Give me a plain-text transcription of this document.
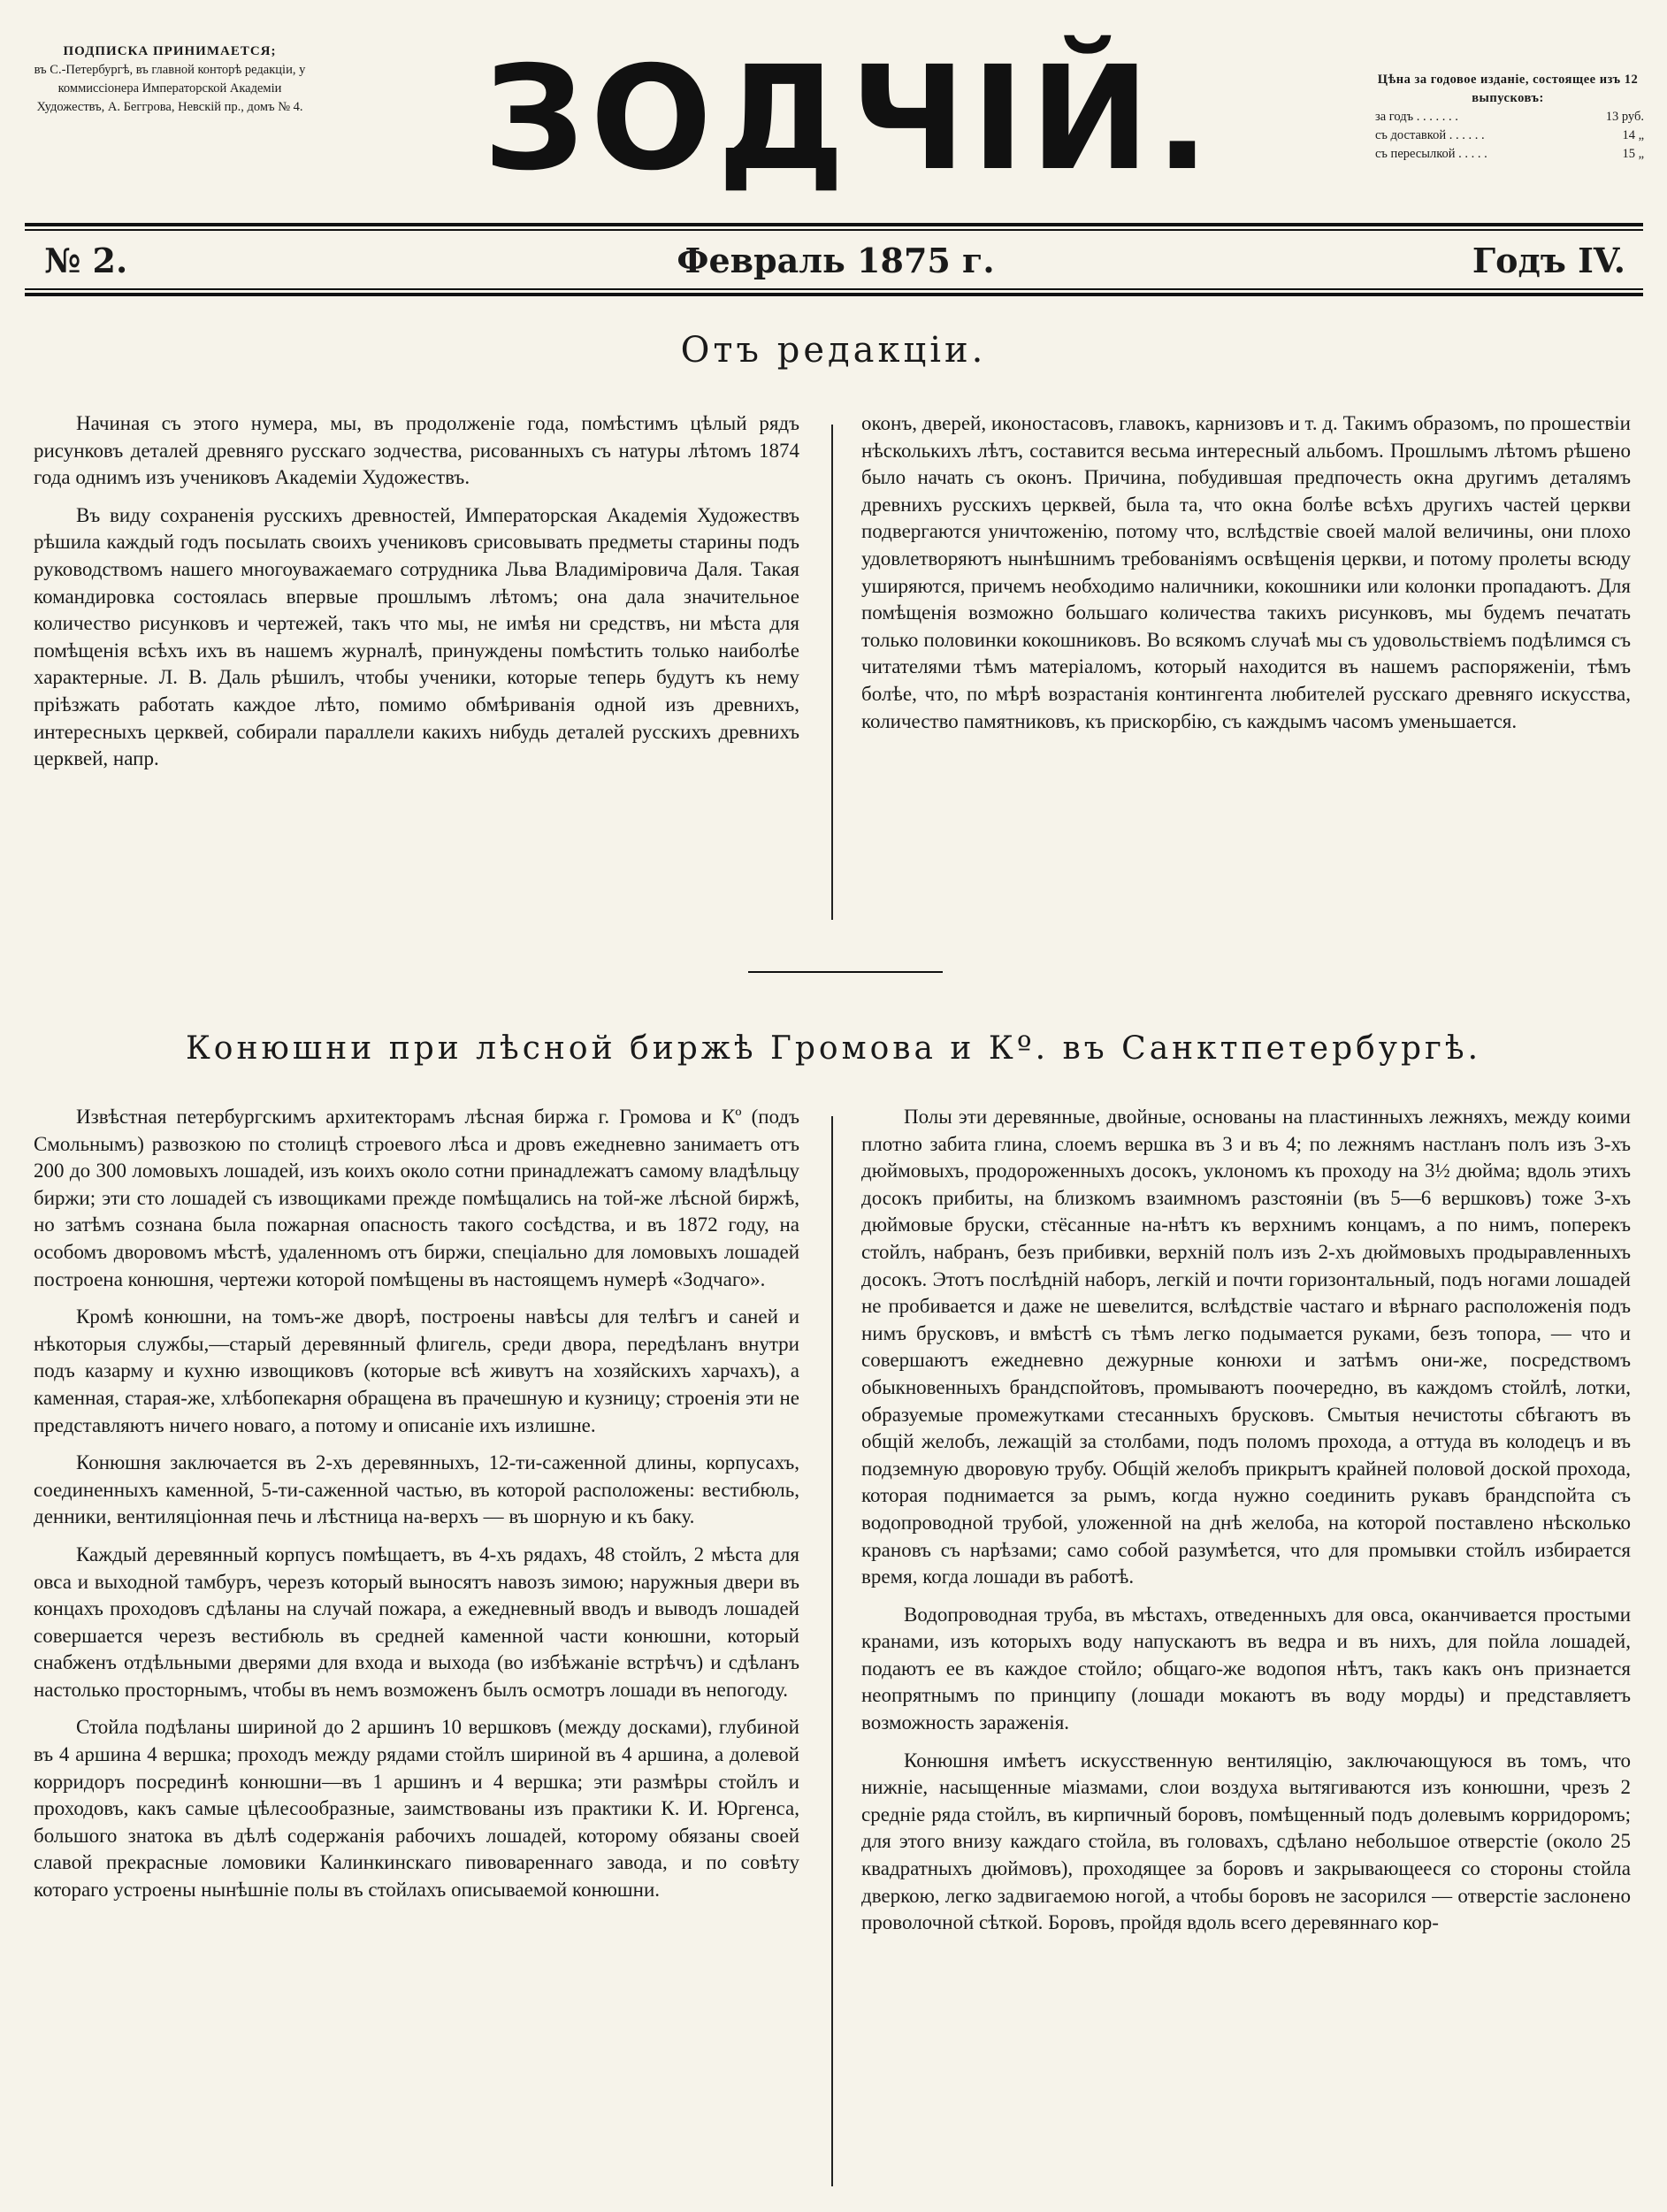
ПОДПИСКА ПРИНИМАЕТСЯ;
въ С.-Петербургѣ, въ главной конторѣ редакціи, у коммиссіонера Императорской Академіи Художествъ, А. Беггрова, Невскій пр., домъ № 4. ЗОДЧІЙ.	Цѣна за годовое изданіе, состоящее изъ 12 выпусковъ:
за годъ . . . . . . .	13 руб.
съ доставкой . . . . . .	14 „
съ пересылкой . . . . .	15 „
№ 2.	Февраль 1875 г.	Годъ IV.
Отъ редакціи.

Начиная съ этого нумера, мы, въ продолженіе года, помѣстимъ цѣлый рядъ рисунковъ деталей древняго русскаго зодчества, рисованныхъ съ натуры лѣтомъ 1874 года однимъ изъ учениковъ Академіи Художествъ.

Въ виду сохраненія русскихъ древностей, Императорская Академія Художествъ рѣшила каждый годъ посылать своихъ учениковъ срисовывать предметы старины подъ руководствомъ нашего многоуважаемаго сотрудника Льва Владиміровича Даля. Такая командировка состоялась впервые прошлымъ лѣтомъ; она дала значительное количество рисунковъ и чертежей, такъ что мы, не имѣя ни средствъ, ни мѣста для помѣщенія всѣхъ ихъ въ нашемъ журналѣ, принуждены помѣстить только наиболѣе характерные. Л. В. Даль рѣшилъ, чтобы ученики, которые теперь будутъ къ нему пріѣзжать работать каждое лѣто, помимо обмѣриванія одной изъ древнихъ, интересныхъ церквей, собирали параллели какихъ нибудь деталей русскихъ древнихъ церквей, напр.

оконъ, дверей, иконостасовъ, главокъ, карнизовъ и т. д. Такимъ образомъ, по прошествіи нѣсколькихъ лѣтъ, составится весьма интересный альбомъ. Прошлымъ лѣтомъ рѣшено было начать съ оконъ. Причина, побудившая предпочесть окна другимъ деталямъ древнихъ русскихъ церквей, была та, что окна болѣе всѣхъ другихъ частей церкви подвергаются уничтоженію, потому что, вслѣдствіе своей малой величины, они плохо удовлетворяютъ нынѣшнимъ требованіямъ освѣщенія церкви, и потому пролеты всюду уширяются, причемъ необходимо наличники, кокошники или колонки пропадаютъ. Для помѣщенія возможно большаго количества такихъ рисунковъ, мы будемъ печатать только половинки кокошниковъ. Во всякомъ случаѣ мы съ удовольствіемъ подѣлимся съ читателями тѣмъ матеріаломъ, который находится въ нашемъ распоряженіи, тѣмъ болѣе, что, по мѣрѣ возрастанія контингента любителей русскаго древняго искусства, количество памятниковъ, къ прискорбію, съ каждымъ часомъ уменьшается.

Конюшни при лѣсной биржѣ Громова и Кº. въ Санктпетербургѣ.

Извѣстная петербургскимъ архитекторамъ лѣсная биржа г. Громова и Кº (подъ Смольнымъ) развозкою по столицѣ строевого лѣса и дровъ ежедневно занимаетъ отъ 200 до 300 ломовыхъ лошадей, изъ коихъ около сотни принадлежатъ самому владѣльцу биржи; эти сто лошадей съ извощиками прежде помѣщались на той-же лѣсной биржѣ, но затѣмъ сознана была пожарная опасность такого сосѣдства, и въ 1872 году, на особомъ дворовомъ мѣстѣ, удаленномъ отъ биржи, спеціально для ломовыхъ лошадей построена конюшня, чертежи которой помѣщены въ настоящемъ нумерѣ «Зодчаго».

Кромѣ конюшни, на томъ-же дворѣ, построены навѣсы для телѣгъ и саней и нѣкоторыя службы,—старый деревянный флигель, среди двора, передѣланъ внутри подъ казарму и кухню извощиковъ (которые всѣ живутъ на хозяйскихъ харчахъ), а каменная, старая-же, хлѣбопекарня обращена въ прачешную и кузницу; строенія эти не представляютъ ничего новаго, а потому и описаніе ихъ излишне.

Конюшня заключается въ 2-хъ деревянныхъ, 12-ти-саженной длины, корпусахъ, соединенныхъ каменной, 5-ти-саженной частью, въ которой расположены: вестибюль, денники, вентиляціонная печь и лѣстница на-верхъ — въ шорную и къ баку.

Каждый деревянный корпусъ помѣщаетъ, въ 4-хъ рядахъ, 48 стойлъ, 2 мѣста для овса и выходной тамбуръ, черезъ который выносятъ навозъ зимою; наружныя двери въ концахъ проходовъ сдѣланы на случай пожара, а ежедневный вводъ и выводъ лошадей совершается черезъ вестибюль въ средней каменной части конюшни, который снабженъ отдѣльными дверями для входа и выхода (во избѣжаніе встрѣчъ) и сдѣланъ настолько просторнымъ, чтобы въ немъ возможенъ былъ осмотръ лошади въ непогоду.

Стойла подѣланы шириной до 2 аршинъ 10 вершковъ (между досками), глубиной въ 4 аршина 4 вершка; проходъ между рядами стойлъ шириной въ 4 аршина, а долевой корридоръ посрединѣ конюшни—въ 1 аршинъ и 4 вершка; эти размѣры стойлъ и проходовъ, какъ самые цѣлесообразные, заимствованы изъ практики К. И. Юргенса, большого знатока въ дѣлѣ содержанія рабочихъ лошадей, которому обязаны своей славой прекрасные ломовики Калинкинскаго пивовареннаго завода, и по совѣту котораго устроены нынѣшніе полы въ стойлахъ описываемой конюшни.

Полы эти деревянные, двойные, основаны на пластинныхъ лежняхъ, между коими плотно забита глина, слоемъ вершка въ 3 и въ 4; по лежнямъ настланъ полъ изъ 3-хъ дюймовыхъ, продороженныхъ досокъ, уклономъ къ проходу на 3½ дюйма; вдоль этихъ досокъ прибиты, на близкомъ взаимномъ разстояніи (въ 5—6 вершковъ) тоже 3-хъ дюймовые бруски, стёсанные на-нѣтъ къ верхнимъ концамъ, а по нимъ, поперекъ стойлъ, набранъ, безъ прибивки, верхній полъ изъ 2-хъ дюймовыхъ продыравленныхъ досокъ. Этотъ послѣдній наборъ, легкій и почти горизонтальный, подъ ногами лошадей не пробивается и даже не шевелится, вслѣдствіе частаго и вѣрнаго расположенія подъ нимъ брусковъ, и вмѣстѣ съ тѣмъ легко подымается руками, безъ топора, — что и совершаютъ ежедневно дежурные конюхи и затѣмъ они-же, посредствомъ обыкновенныхъ брандспойтовъ, промываютъ поочередно, въ каждомъ стойлѣ, лотки, образуемые промежутками стесанныхъ брусковъ. Смытыя нечистоты сбѣгаютъ въ общій желобъ, лежащій за столбами, подъ поломъ прохода, а оттуда въ колодецъ и въ подземную дворовую трубу. Общій желобъ прикрытъ крайней половой доской прохода, которая поднимается за рымъ, когда нужно соединить рукавъ брандспойта съ водопроводной трубой, уложенной на днѣ желоба, на которой поставлено нѣсколько крановъ съ нарѣзами; само собой разумѣется, что для промывки стойлъ избирается время, когда лошади въ работѣ.

Водопроводная труба, въ мѣстахъ, отведенныхъ для овса, оканчивается простыми кранами, изъ которыхъ воду напускаютъ въ ведра и въ нихъ, для пойла лошадей, подаютъ ее въ каждое стойло; общаго-же водопоя нѣтъ, такъ какъ онъ признается неопрятнымъ по принципу (лошади мокаютъ въ воду морды) и представляетъ возможность зараженія.

Конюшня имѣетъ искусственную вентиляцію, заключающуюся въ томъ, что нижніе, насыщенные міазмами, слои воздуха вытягиваются изъ конюшни, чрезъ 2 средніе ряда стойлъ, въ кирпичный боровъ, помѣщенный подъ долевымъ корридоромъ; для этого внизу каждаго стойла, въ головахъ, сдѣлано небольшое отверстіе (около 25 квадратныхъ дюймовъ), проходящее за боровъ и закрывающееся со стороны стойла дверкою, легко задвигаемою ногой, а чтобы боровъ не засорился — отверстіе заслонено проволочной сѣткой. Боровъ, пройдя вдоль всего деревяннаго кор-
